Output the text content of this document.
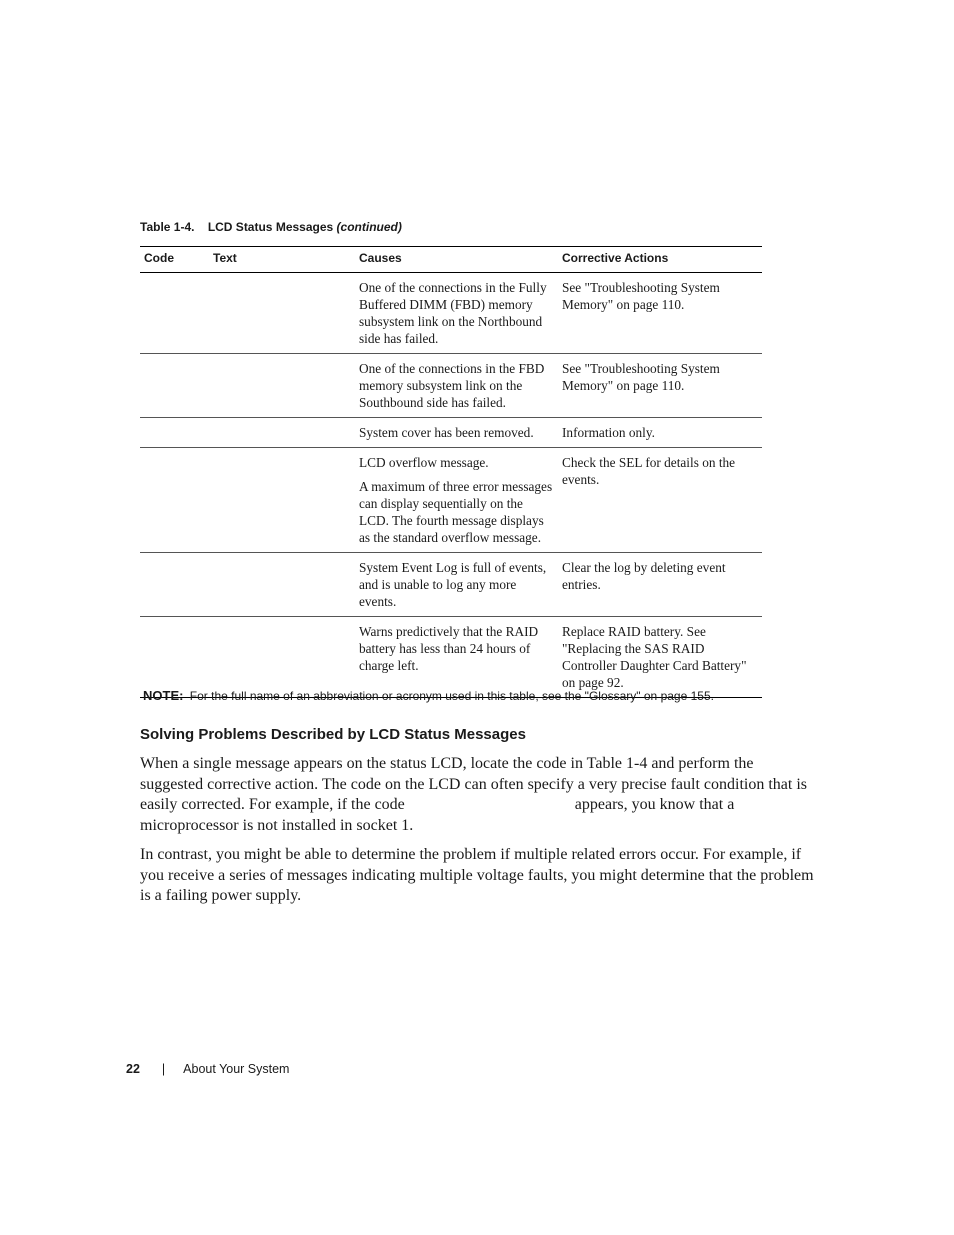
Table 1-4. LCD Status Messages (continued)
Code	Text	Causes	Corrective Actions
		One of the connections in the Fully Buffered DIMM (FBD) memory subsystem link on the Northbound side has failed.	See "Troubleshooting System Memory" on page 110.
		One of the connections in the FBD memory subsystem link on the Southbound side has failed.	See "Troubleshooting System Memory" on page 110.
		System cover has been removed.	Information only.

		LCD overflow message.
A maximum of three error messages can display sequentially on the LCD. The fourth message displays as the standard overflow message.	Check the SEL for details on the events.
		System Event Log is full of events, and is unable to log any more events.	Clear the log by deleting event entries.
		Warns predictively that the RAID battery has less than 24 hours of charge left.	Replace RAID battery. See "Replacing the SAS RAID Controller Daughter Card Battery" on page 92.
NOTE: For the full name of an abbreviation or acronym used in this table, see the "Glossary" on page 155.
Solving Problems Described by LCD Status Messages
When a single message appears on the status LCD, locate the code in Table 1-4 and perform the suggested corrective action. The code on the LCD can often specify a very precise fault condition that is easily corrected. For example, if the code	appears, you know that a microprocessor is not installed in socket 1.
In contrast, you might be able to determine the problem if multiple related errors occur. For example, if you receive a series of messages indicating multiple voltage faults, you might determine that the problem is a failing power supply.
22 | About Your System
